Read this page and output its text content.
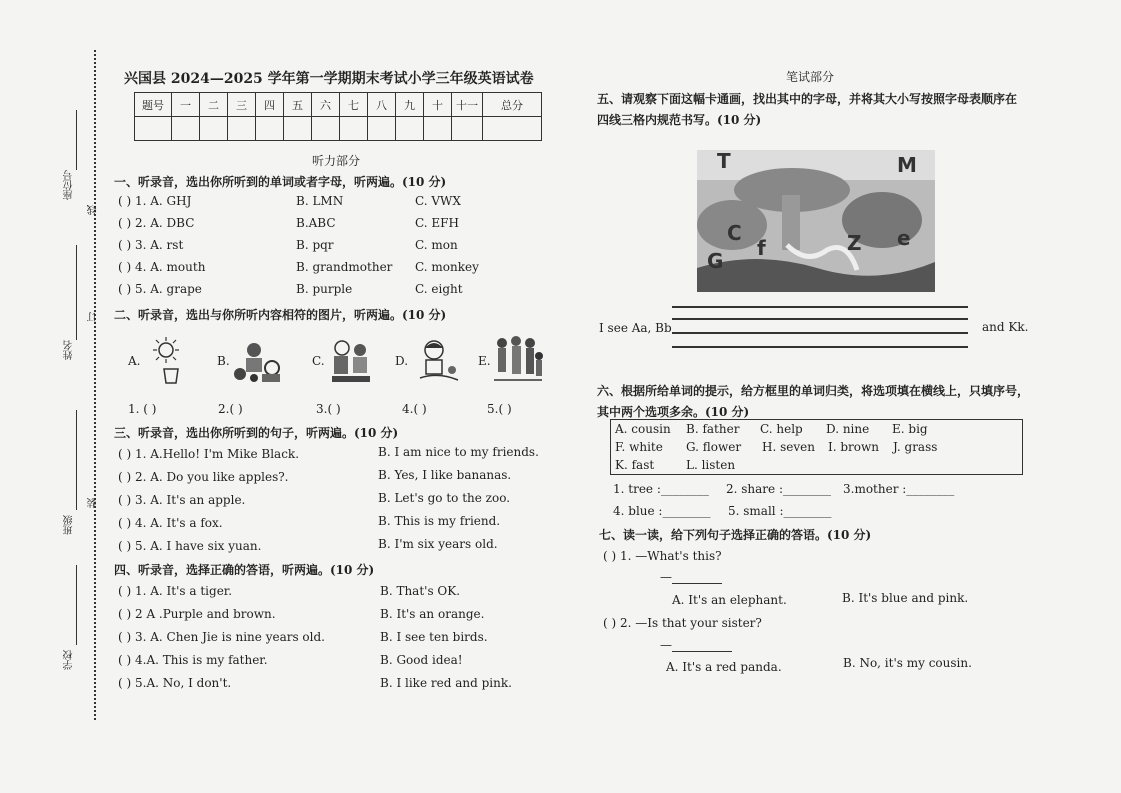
座位号
姓名
班级
学校
线
订
装
兴国县 2024—2025 学年第一学期期末考试小学三年级英语试卷
题号	一	二	三	四	五	六	七	八	九	十	十一	总分

听力部分
一、听录音，选出你所听到的单词或者字母，听两遍。(10 分)
( ) 1. A. GHJ	B. LMN	C. VWX
( ) 2. A. DBC	B.ABC	C. EFH
( ) 3. A. rst	B. pqr	C. mon
( ) 4. A. mouth	B. grandmother C. monkey
( ) 5. A. grape	B. purple	C. eight
二、听录音，选出与你所听内容相符的图片，听两遍。(10 分)
A.	B.	C.	D.	E.
1. ( )	2.( )	3.( )	4.( )	5.( )
三、听录音，选出你所听到的句子，听两遍。(10 分)
( ) 1. A.Hello! I'm Mike Black.	B. I am nice to my friends.
( ) 2. A. Do you like apples?.	B. Yes, I like bananas.
( ) 3. A. It's an apple.	B. Let's go to the zoo.
( ) 4. A. It's a fox.	B. This is my friend.
( ) 5. A. I have six yuan.	B. I'm six years old.
四、听录音，选择正确的答语，听两遍。(10 分)
( ) 1. A. It's a tiger.	B. That's OK.
( ) 2 A .Purple and brown.	B. It's an orange.
( ) 3. A. Chen Jie is nine years old.	B. I see ten birds.
( ) 4.A. This is my father.	B. Good idea!
( ) 5.A. No, I don't.	B. I like red and pink.
笔试部分
五、请观察下面这幅卡通画，找出其中的字母，并将其大小写按照字母表顺序在
四线三格内规范书写。(10 分)
T	M
G
C	Z e
f
I see Aa, Bb	and Kk.
六、根据所给单词的提示，给方框里的单词归类，将选项填在横线上，只填序号，
其中两个选项多余。(10 分)
A. cousin B. father C. help D. nine E. big
F. white G. flower H. seven I. brown J. grass
K. fast	L. listen
1. tree :________ 2. share :________ 3.mother :________
4. blue :________ 5. small :________
七、读一读，给下列句子选择正确的答语。(10 分)
( ) 1. —What's this?
—
A. It's an elephant.	B. It's blue and pink.
( ) 2. —Is that your sister?
—
A. It's a red panda.	B. No, it's my cousin.
